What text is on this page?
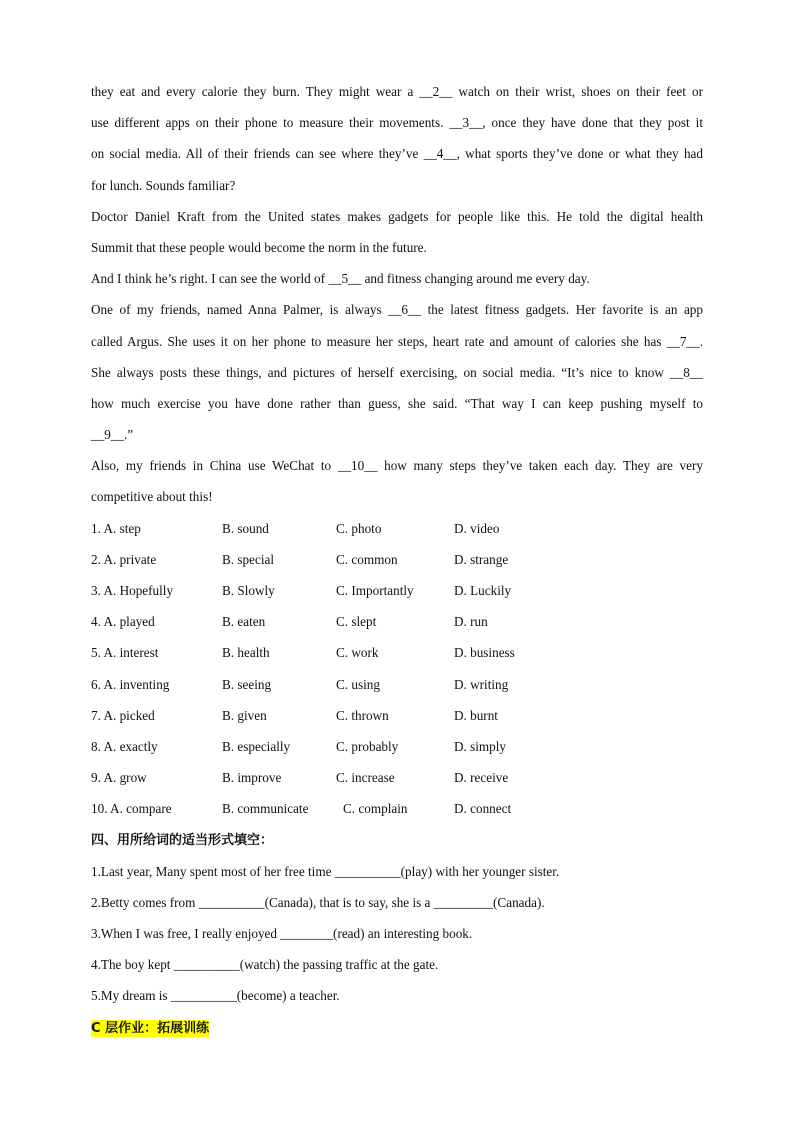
they eat and every calorie they burn. They might wear a __2__ watch on their wrist, shoes on their feet or
use different apps on their phone to measure their movements. __3__, once they have done that they post it
on social media. All of their friends can see where they’ve __4__, what sports they’ve done or what they had
for lunch. Sounds familiar?
Doctor Daniel Kraft from the United states makes gadgets for people like this. He told the digital health
Summit that these people would become the norm in the future.
And I think he’s right. I can see the world of __5__ and fitness changing around me every day.
One of my friends, named Anna Palmer, is always __6__ the latest fitness gadgets. Her favorite is an app
called Argus. She uses it on her phone to measure her steps, heart rate and amount of calories she has __7__.
She always posts these things, and pictures of herself exercising, on social media. “It’s nice to know __8__
how much exercise you have done rather than guess, she said. “That way I can keep pushing myself to
__9__.”
Also, my friends in China use WeChat to __10__ how many steps they’ve taken each day. They are very
competitive about this!
1. A. step	B. sound	C. photo	D. video
2. A. private	B. special	C. common	D. strange
3. A. Hopefully	B. Slowly	C. Importantly	D. Luckily
4. A. played	B. eaten	C. slept	D. run
5. A. interest	B. health	C. work	D. business
6. A. inventing	B. seeing	C. using	D. writing
7. A. picked	B. given	C. thrown	D. burnt
8. A. exactly	B. especially	C. probably	D. simply
9. A. grow	B. improve	C. increase	D. receive
10. A. compare	B. communicate	C. complain	D. connect
四、用所给词的适当形式填空：
1.Last year, Many spent most of her free time __________(play) with her younger sister.
2.Betty comes from __________(Canada), that is to say, she is a _________(Canada).
3.When I was free, I really enjoyed ________(read) an interesting book.
4.The boy kept __________(watch) the passing traffic at the gate.
5.My dream is __________(become) a teacher.
C 层作业：拓展训练
